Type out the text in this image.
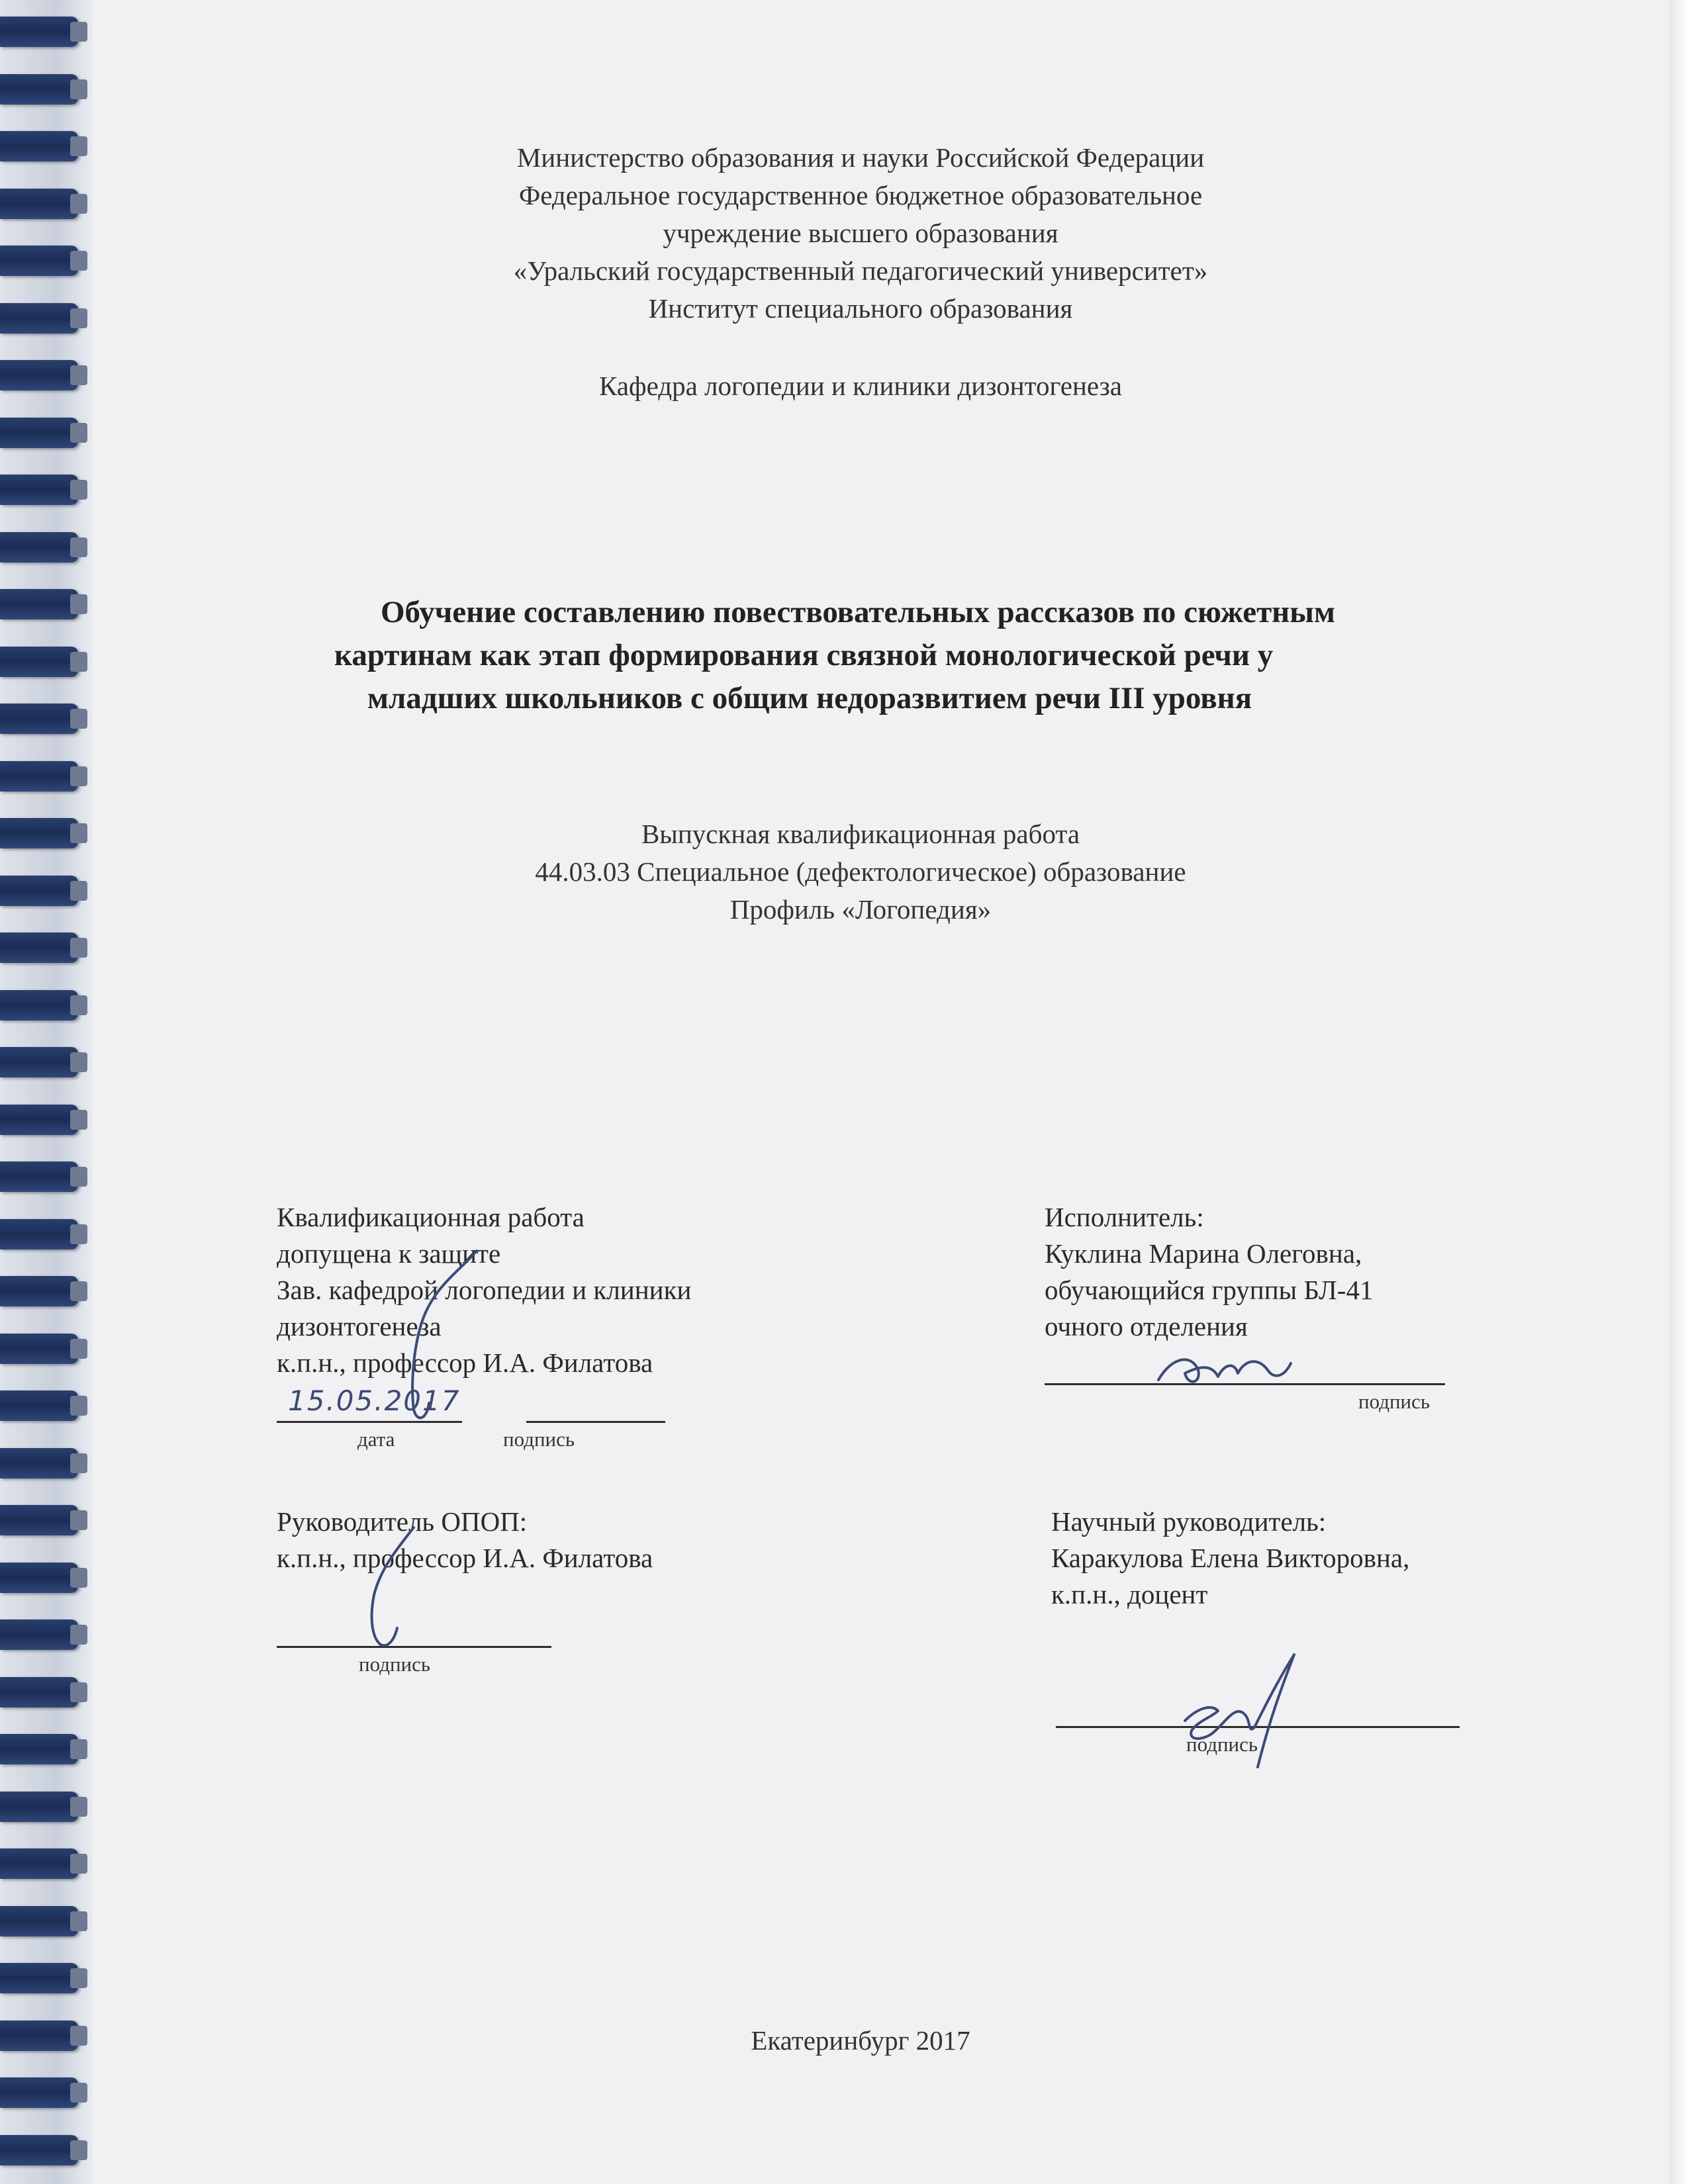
Министерство образования и науки Российской Федерации
Федеральное государственное бюджетное образовательное
учреждение высшего образования
«Уральский государственный педагогический университет»
Институт специального образования
Кафедра логопедии и клиники дизонтогенеза
Обучение составлению повествовательных рассказов по сюжетным
картинам как этап формирования связной монологической речи у
младших школьников с общим недоразвитием речи III уровня
Выпускная квалификационная работа
44.03.03 Специальное (дефектологическое) образование
Профиль «Логопедия»
Квалификационная работа
допущена к защите
Зав. кафедрой логопедии и клиники
дизонтогенеза
к.п.н., профессор И.А. Филатова
15.05.2017
дата	подпись
Исполнитель:
Куклина Марина Олеговна,
обучающийся группы БЛ-41
очного отделения
подпись
Руководитель ОПОП:
к.п.н., профессор И.А. Филатова
подпись
Научный руководитель:
Каракулова Елена Викторовна,
к.п.н., доцент
подпись
Екатеринбург 2017
